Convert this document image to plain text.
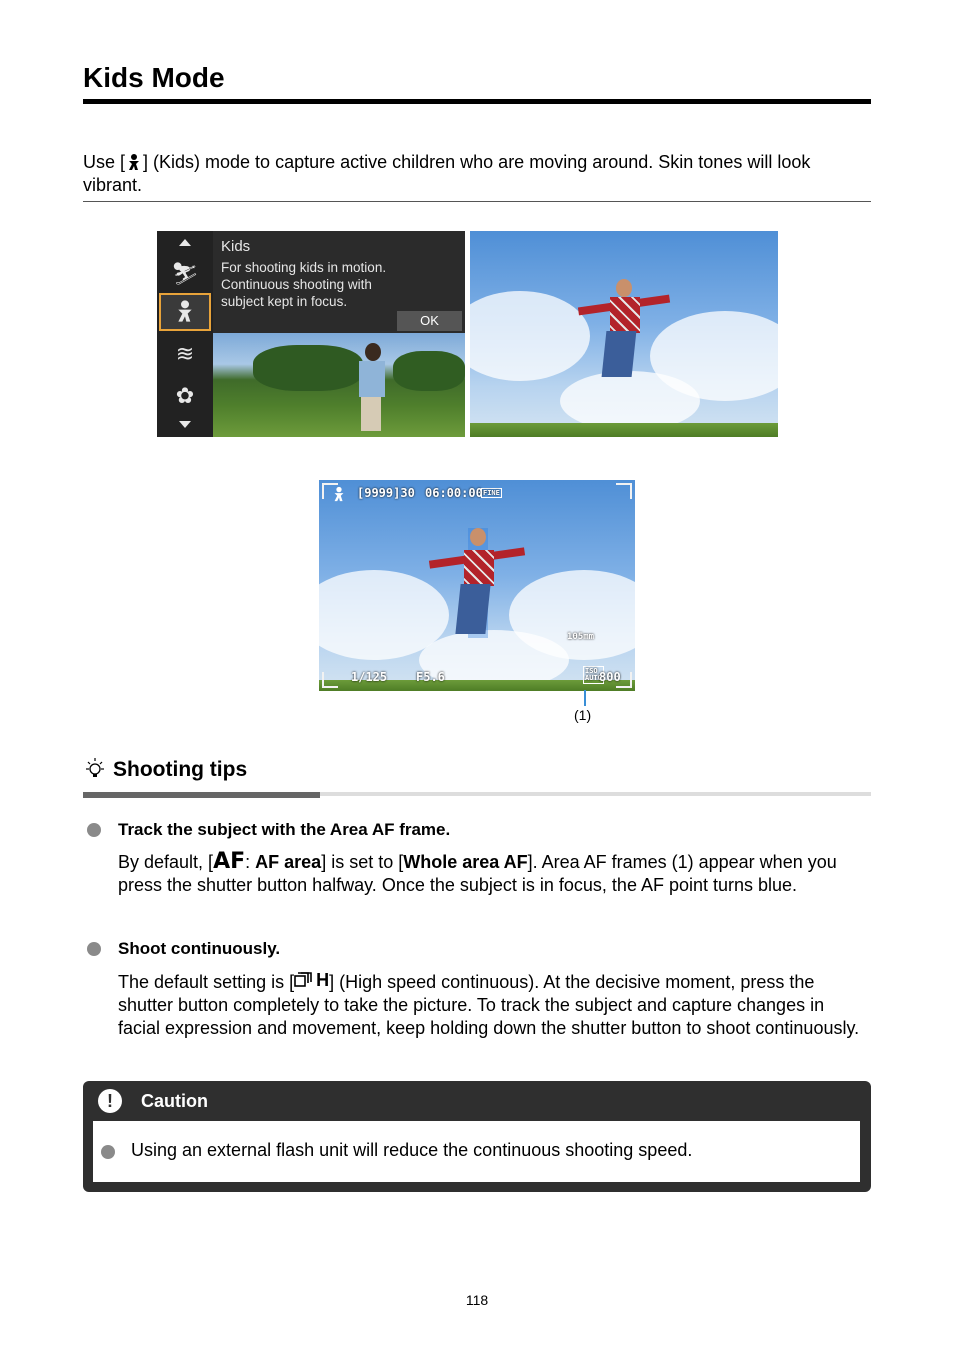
Kids Mode
Use [ ] (Kids) mode to capture active children who are moving around. Skin tones will look vibrant.
⛷
≋
✿
Kids
For shooting kids in motion.
Continuous shooting with
subject kept in focus.
OK
[9999]30 06:00:00 FINE
105mm
1/125 F5.6	ISO
AUTO
800
(1)
Shooting tips
Track the subject with the Area AF frame.
By default, [AF: AF area] is set to [Whole area AF]. Area AF frames (1) appear when you press the shutter button halfway. Once the subject is in focus, the AF point turns blue.
Shoot continuously.
The default setting is [ H] (High speed continuous). At the decisive moment, press the shutter button completely to take the picture. To track the subject and capture changes in facial expression and movement, keep holding down the shutter button to shoot continuously.
!	Caution
Using an external flash unit will reduce the continuous shooting speed.
118
